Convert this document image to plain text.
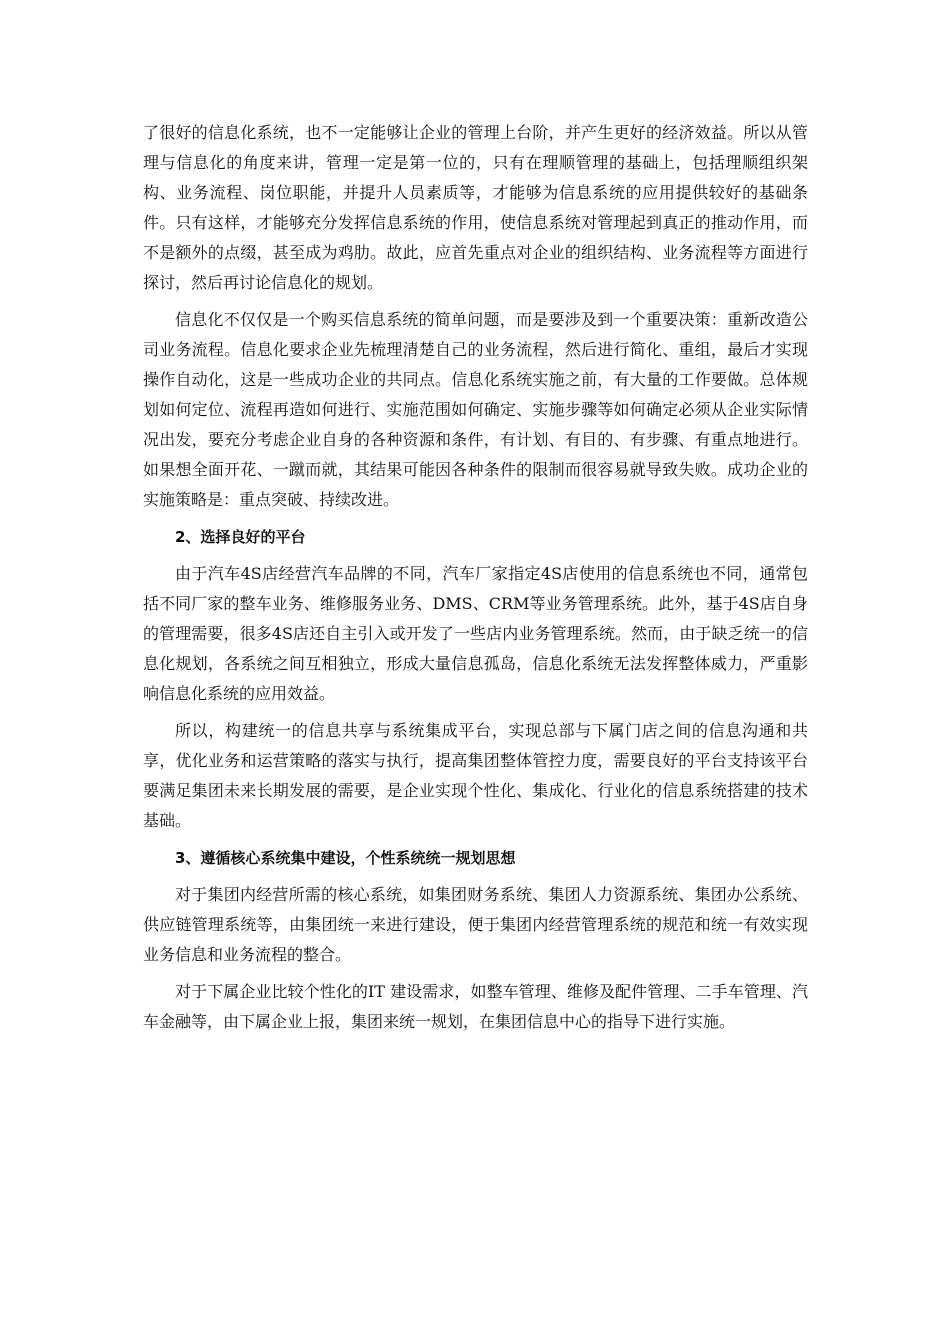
了很好的信息化系统，也不一定能够让企业的管理上台阶，并产生更好的经济效益。所以从管理与信息化的角度来讲，管理一定是第一位的，只有在理顺管理的基础上，包括理顺组织架构、业务流程、岗位职能，并提升人员素质等，才能够为信息系统的应用提供较好的基础条件。只有这样，才能够充分发挥信息系统的作用，使信息系统对管理起到真正的推动作用，而不是额外的点缀，甚至成为鸡肋。故此，应首先重点对企业的组织结构、业务流程等方面进行探讨，然后再讨论信息化的规划。

信息化不仅仅是一个购买信息系统的简单问题，而是要涉及到一个重要决策：重新改造公司业务流程。信息化要求企业先梳理清楚自己的业务流程，然后进行简化、重组，最后才实现操作自动化，这是一些成功企业的共同点。信息化系统实施之前，有大量的工作要做。总体规划如何定位、流程再造如何进行、实施范围如何确定、实施步骤等如何确定必须从企业实际情况出发，要充分考虑企业自身的各种资源和条件，有计划、有目的、有步骤、有重点地进行。如果想全面开花、一蹴而就，其结果可能因各种条件的限制而很容易就导致失败。成功企业的实施策略是：重点突破、持续改进。

2、选择良好的平台

由于汽车4S店经营汽车品牌的不同，汽车厂家指定4S店使用的信息系统也不同，通常包括不同厂家的整车业务、维修服务业务、DMS、CRM等业务管理系统。此外，基于4S店自身的管理需要，很多4S店还自主引入或开发了一些店内业务管理系统。然而，由于缺乏统一的信息化规划，各系统之间互相独立，形成大量信息孤岛，信息化系统无法发挥整体威力，严重影响信息化系统的应用效益。

所以，构建统一的信息共享与系统集成平台，实现总部与下属门店之间的信息沟通和共享，优化业务和运营策略的落实与执行，提高集团整体管控力度，需要良好的平台支持该平台要满足集团未来长期发展的需要，是企业实现个性化、集成化、行业化的信息系统搭建的技术基础。

3、遵循核心系统集中建设，个性系统统一规划思想

对于集团内经营所需的核心系统，如集团财务系统、集团人力资源系统、集团办公系统、供应链管理系统等，由集团统一来进行建设，便于集团内经营管理系统的规范和统一有效实现业务信息和业务流程的整合。

对于下属企业比较个性化的IT 建设需求，如整车管理、维修及配件管理、二手车管理、汽车金融等，由下属企业上报，集团来统一规划，在集团信息中心的指导下进行实施。
